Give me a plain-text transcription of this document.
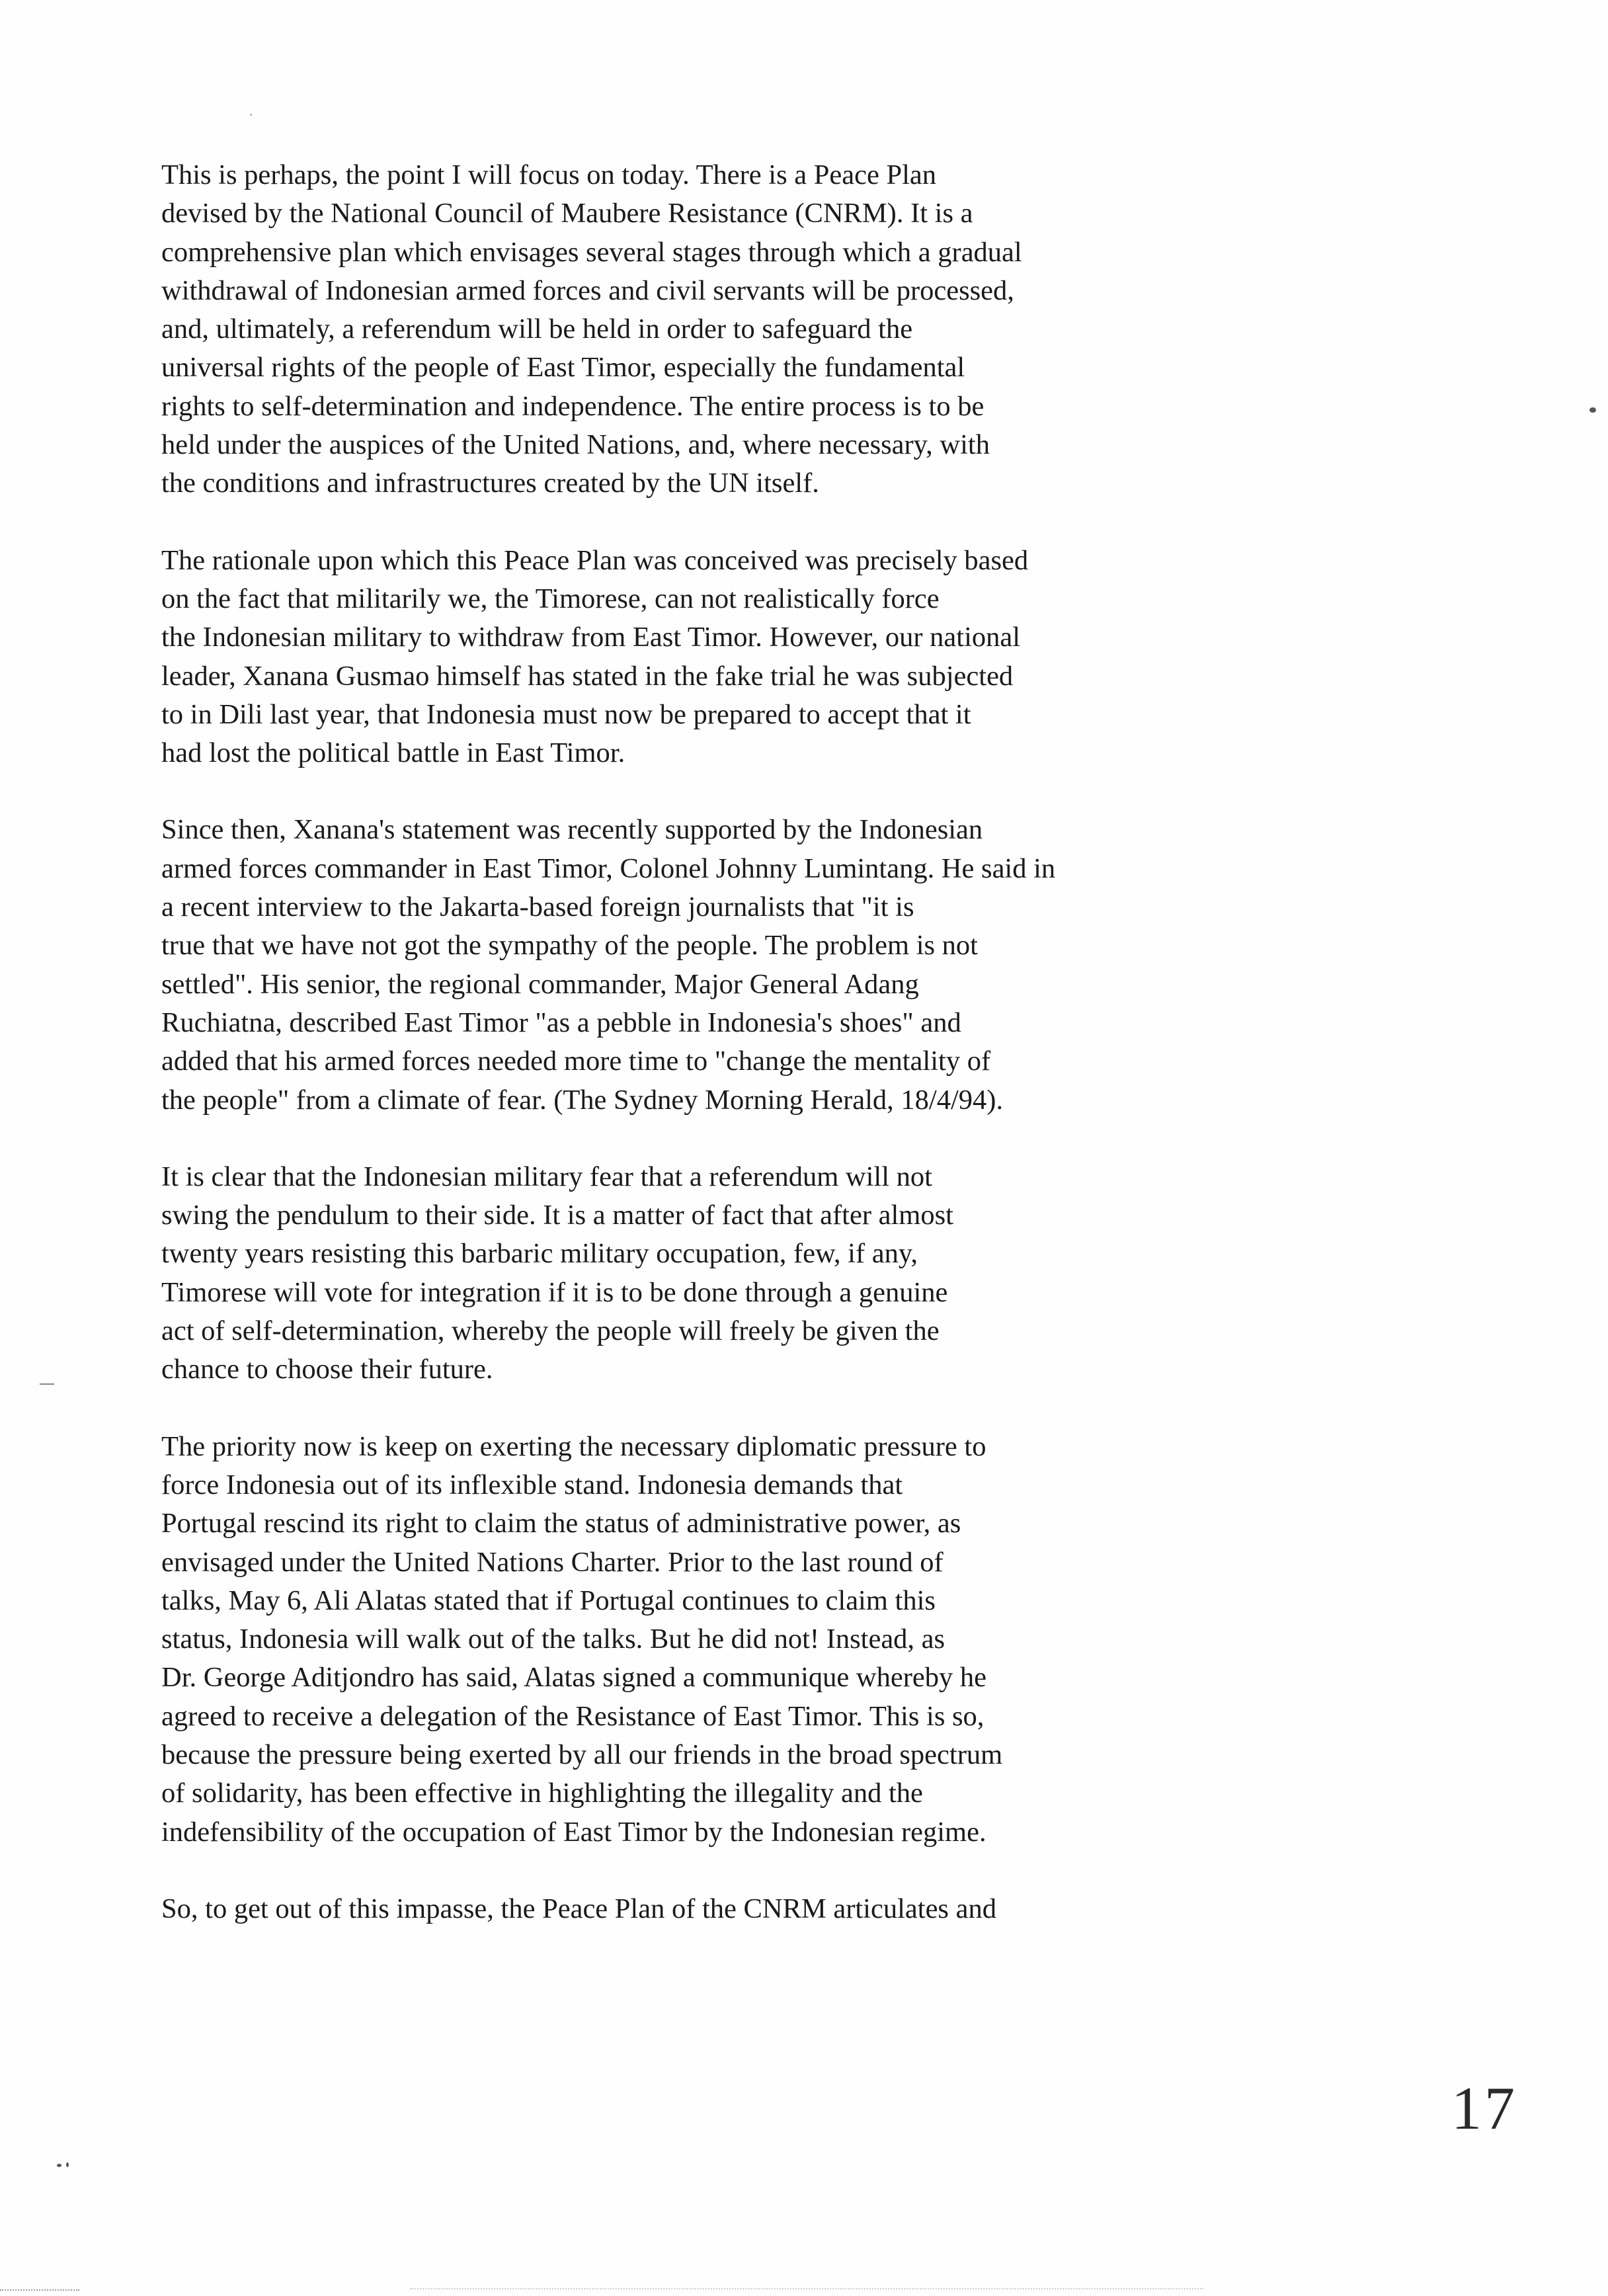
This is perhaps, the point I will focus on today. There is a Peace Plan
devised by the National Council of Maubere Resistance (CNRM). It is a
comprehensive plan which envisages several stages through which a gradual
withdrawal of Indonesian armed forces and civil servants will be processed,
and, ultimately, a referendum will be held in order to safeguard the
universal rights of the people of East Timor, especially the fundamental
rights to self-determination and independence. The entire process is to be
held under the auspices of the United Nations, and, where necessary, with
the conditions and infrastructures created by the UN itself.

The rationale upon which this Peace Plan was conceived was precisely based
on the fact that militarily we, the Timorese, can not realistically force
the Indonesian military to withdraw from East Timor. However, our national
leader, Xanana Gusmao himself has stated in the fake trial he was subjected
to in Dili last year, that Indonesia must now be prepared to accept that it
had lost the political battle in East Timor.

Since then, Xanana's statement was recently supported by the Indonesian
armed forces commander in East Timor, Colonel Johnny Lumintang. He said in
a recent interview to the Jakarta-based foreign journalists that "it is
true that we have not got the sympathy of the people. The problem is not
settled". His senior, the regional commander, Major General Adang
Ruchiatna, described East Timor "as a pebble in Indonesia's shoes" and
added that his armed forces needed more time to "change the mentality of
the people" from a climate of fear. (The Sydney Morning Herald, 18/4/94).

It is clear that the Indonesian military fear that a referendum will not
swing the pendulum to their side. It is a matter of fact that after almost
twenty years resisting this barbaric military occupation, few, if any,
Timorese will vote for integration if it is to be done through a genuine
act of self-determination, whereby the people will freely be given the
chance to choose their future.

The priority now is keep on exerting the necessary diplomatic pressure to
force Indonesia out of its inflexible stand. Indonesia demands that
Portugal rescind its right to claim the status of administrative power, as
envisaged under the United Nations Charter. Prior to the last round of
talks, May 6, Ali Alatas stated that if Portugal continues to claim this
status, Indonesia will walk out of the talks. But he did not! Instead, as
Dr. George Aditjondro has said, Alatas signed a communique whereby he
agreed to receive a delegation of the Resistance of East Timor. This is so,
because the pressure being exerted by all our friends in the broad spectrum
of solidarity, has been effective in highlighting the illegality and the
indefensibility of the occupation of East Timor by the Indonesian regime.

So, to get out of this impasse, the Peace Plan of the CNRM articulates and

17
